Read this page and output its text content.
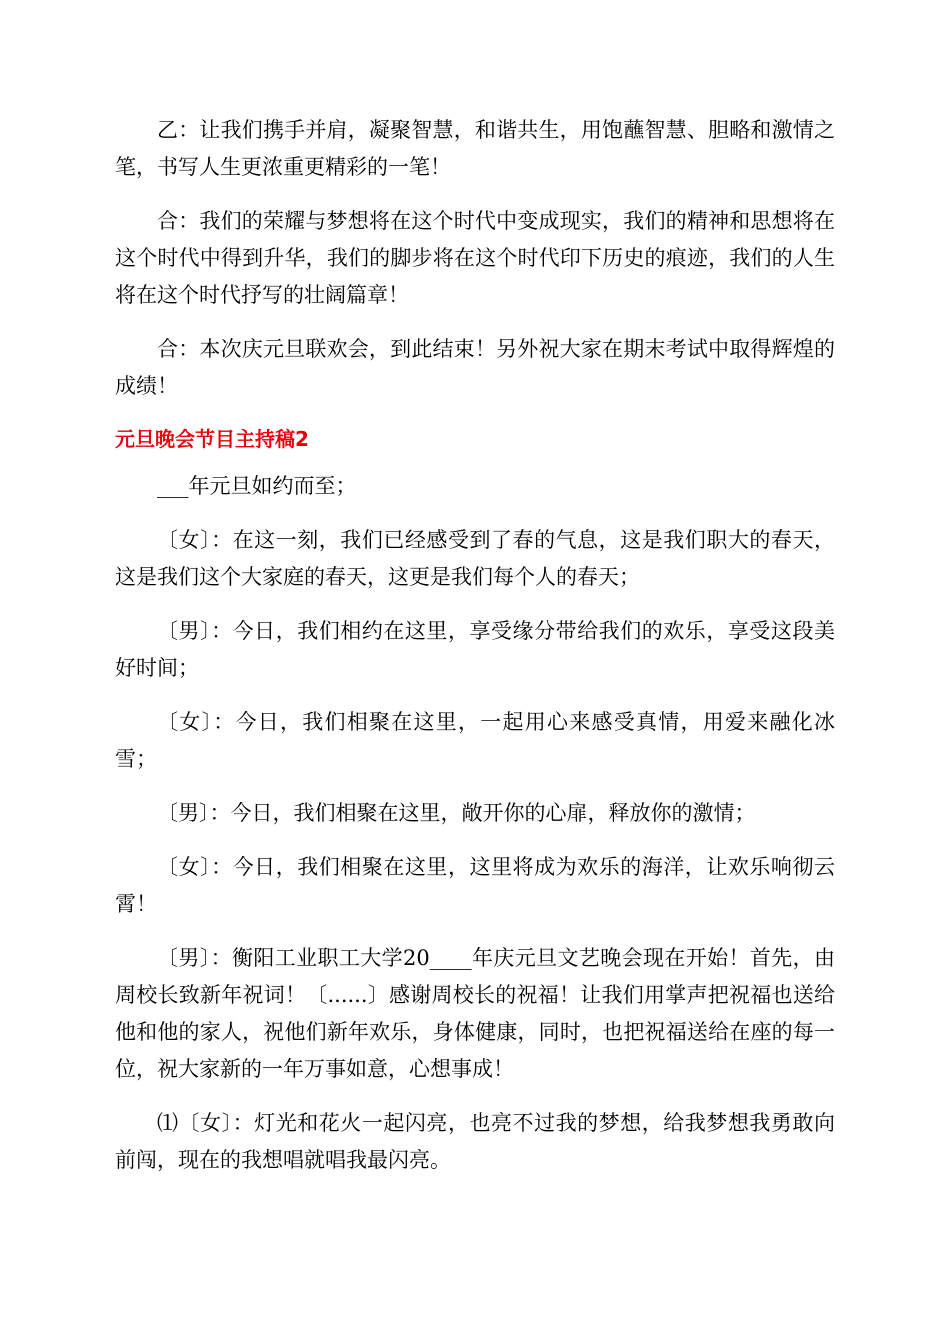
乙：让我们携手并肩，凝聚智慧，和谐共生，用饱蘸智慧、胆略和激情之笔，书写人生更浓重更精彩的一笔！

合：我们的荣耀与梦想将在这个时代中变成现实，我们的精神和思想将在这个时代中得到升华，我们的脚步将在这个时代印下历史的痕迹，我们的人生将在这个时代抒写的壮阔篇章！

合：本次庆元旦联欢会，到此结束！另外祝大家在期末考试中取得辉煌的成绩！

元旦晚会节目主持稿2

___年元旦如约而至；

〔女〕：在这一刻，我们已经感受到了春的气息，这是我们职大的春天，这是我们这个大家庭的春天，这更是我们每个人的春天；

〔男〕：今日，我们相约在这里，享受缘分带给我们的欢乐，享受这段美好时间；

〔女〕：今日，我们相聚在这里，一起用心来感受真情，用爱来融化冰雪；

〔男〕：今日，我们相聚在这里，敞开你的心扉，释放你的激情；

〔女〕：今日，我们相聚在这里，这里将成为欢乐的海洋，让欢乐响彻云霄！

〔男〕：衡阳工业职工大学20____年庆元旦文艺晚会现在开始！首先，由周校长致新年祝词！〔......〕感谢周校长的祝福！让我们用掌声把祝福也送给他和他的家人，祝他们新年欢乐，身体健康，同时，也把祝福送给在座的每一位，祝大家新的一年万事如意，心想事成！

⑴〔女〕：灯光和花火一起闪亮，也亮不过我的梦想，给我梦想我勇敢向前闯，现在的我想唱就唱我最闪亮。
